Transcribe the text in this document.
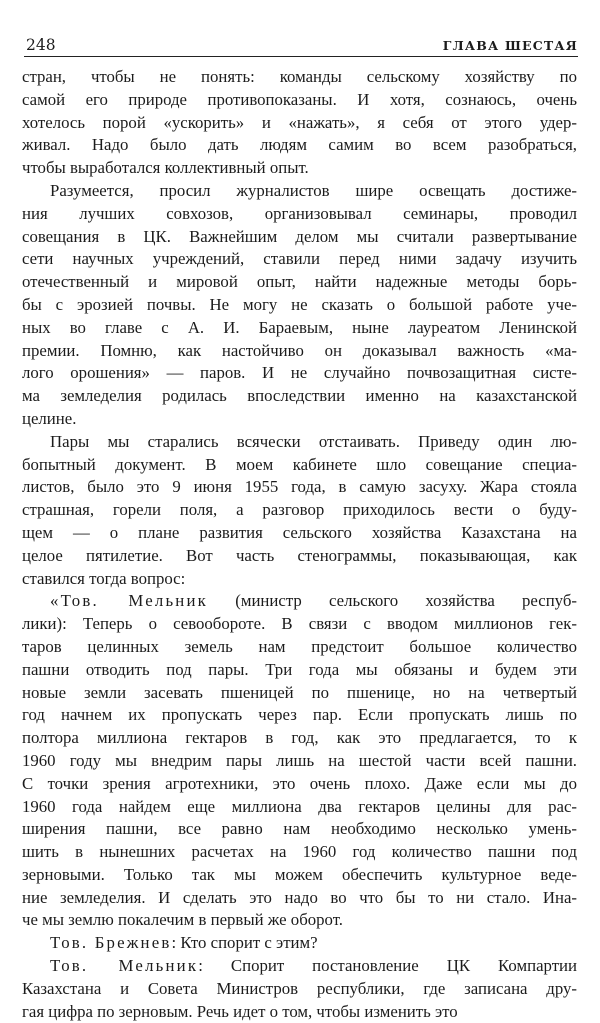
248	ГЛАВА ШЕСТАЯ
стран, чтобы не понять: команды сельскому хозяйству по
самой его природе противопоказаны. И хотя, сознаюсь, очень
хотелось порой «ускорить» и «нажать», я себя от этого удер-
живал. Надо было дать людям самим во всем разобраться,
чтобы выработался коллективный опыт.
Разумеется, просил журналистов шире освещать достиже-
ния лучших совхозов, организовывал семинары, проводил
совещания в ЦК. Важнейшим делом мы считали развертывание
сети научных учреждений, ставили перед ними задачу изучить
отечественный и мировой опыт, найти надежные методы борь-
бы с эрозией почвы. Не могу не сказать о большой работе уче-
ных во главе с А. И. Бараевым, ныне лауреатом Ленинской
премии. Помню, как настойчиво он доказывал важность «ма-
лого орошения» — паров. И не случайно почвозащитная систе-
ма земледелия родилась впоследствии именно на казахстанской
целине.
Пары мы старались всячески отстаивать. Приведу один лю-
бопытный документ. В моем кабинете шло совещание специа-
листов, было это 9 июня 1955 года, в самую засуху. Жара стояла
страшная, горели поля, а разговор приходилось вести о буду-
щем — о плане развития сельского хозяйства Казахстана на
целое пятилетие. Вот часть стенограммы, показывающая, как
ставился тогда вопрос:
«Тов. Мельник (министр сельского хозяйства респуб-
лики): Теперь о севообороте. В связи с вводом миллионов гек-
таров целинных земель нам предстоит большое количество
пашни отводить под пары. Три года мы обязаны и будем эти
новые земли засевать пшеницей по пшенице, но на четвертый
год начнем их пропускать через пар. Если пропускать лишь по
полтора миллиона гектаров в год, как это предлагается, то к
1960 году мы внедрим пары лишь на шестой части всей пашни.
С точки зрения агротехники, это очень плохо. Даже если мы до
1960 года найдем еще миллиона два гектаров целины для рас-
ширения пашни, все равно нам необходимо несколько умень-
шить в нынешних расчетах на 1960 год количество пашни под
зерновыми. Только так мы можем обеспечить культурное веде-
ние земледелия. И сделать это надо во что бы то ни стало. Ина-
че мы землю покалечим в первый же оборот.
Тов. Брежнев: Кто спорит с этим?
Тов. Мельник: Спорит постановление ЦК Компартии
Казахстана и Совета Министров республики, где записана дру-
гая цифра по зерновым. Речь идет о том, чтобы изменить это
